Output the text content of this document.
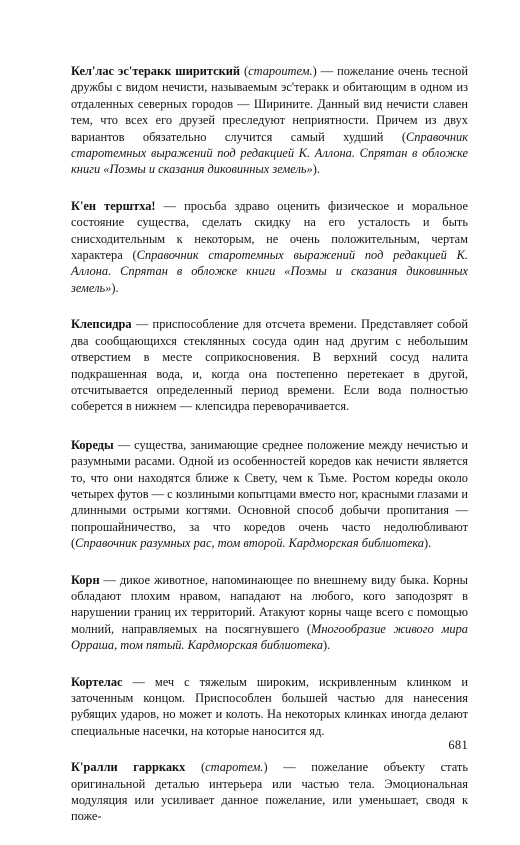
Кел'лас эс'теракк ширитский (староитем.) — пожелание очень тесной дружбы с видом нечисти, называемым эс'теракк и обитающим в одном из отдаленных северных городов — Ширините. Данный вид нечисти славен тем, что всех его друзей преследуют неприятности. Причем из двух вариантов обязательно случится самый худший (Справочник старотемных выражений под редакцией К. Аллона. Спрятан в обложке книги «Поэмы и сказания диковинных земель»).

К'ен терштха! — просьба здраво оценить физическое и моральное состояние существа, сделать скидку на его усталость и быть снисходительным к некоторым, не очень положительным, чертам характера (Справочник старотемных выражений под редакцией К. Аллона. Спрятан в обложке книги «Поэмы и сказания диковинных земель»).

Клепсидра — приспособление для отсчета времени. Представляет собой два сообщающихся стеклянных сосуда один над другим с небольшим отверстием в месте соприкосновения. В верхний сосуд налита подкрашенная вода, и, когда она постепенно перетекает в другой, отсчитывается определенный период времени. Если вода полностью соберется в нижнем — клепсидра переворачивается.

Кореды — существа, занимающие среднее положение между нечистью и разумными расами. Одной из особенностей коредов как нечисти является то, что они находятся ближе к Свету, чем к Тьме. Ростом кореды около четырех футов — с козлиными копытцами вместо ног, красными глазами и длинными острыми когтями. Основной способ добычи пропитания — попрошайничество, за что коредов очень часто недолюбливают (Справочник разумных рас, том второй. Кардморская библиотека).

Корн — дикое животное, напоминающее по внешнему виду быка. Корны обладают плохим нравом, нападают на любого, кого заподозрят в нарушении границ их территорий. Атакуют корны чаще всего с помощью молний, направляемых на посягнувшего (Многообразие живого мира Орраша, том пятый. Кардморская библиотека).

Кортелас — меч с тяжелым широким, искривленным клинком и заточенным концом. Приспособлен большей частью для нанесения рубящих ударов, но может и колоть. На некоторых клинках иногда делают специальные насечки, на которые наносится яд.

К'ралли гарркакх (старотем.) — пожелание объекту стать оригинальной деталью интерьера или частью тела. Эмоциональная модуляция или усиливает данное пожелание, или уменьшает, сводя к поже-

681
